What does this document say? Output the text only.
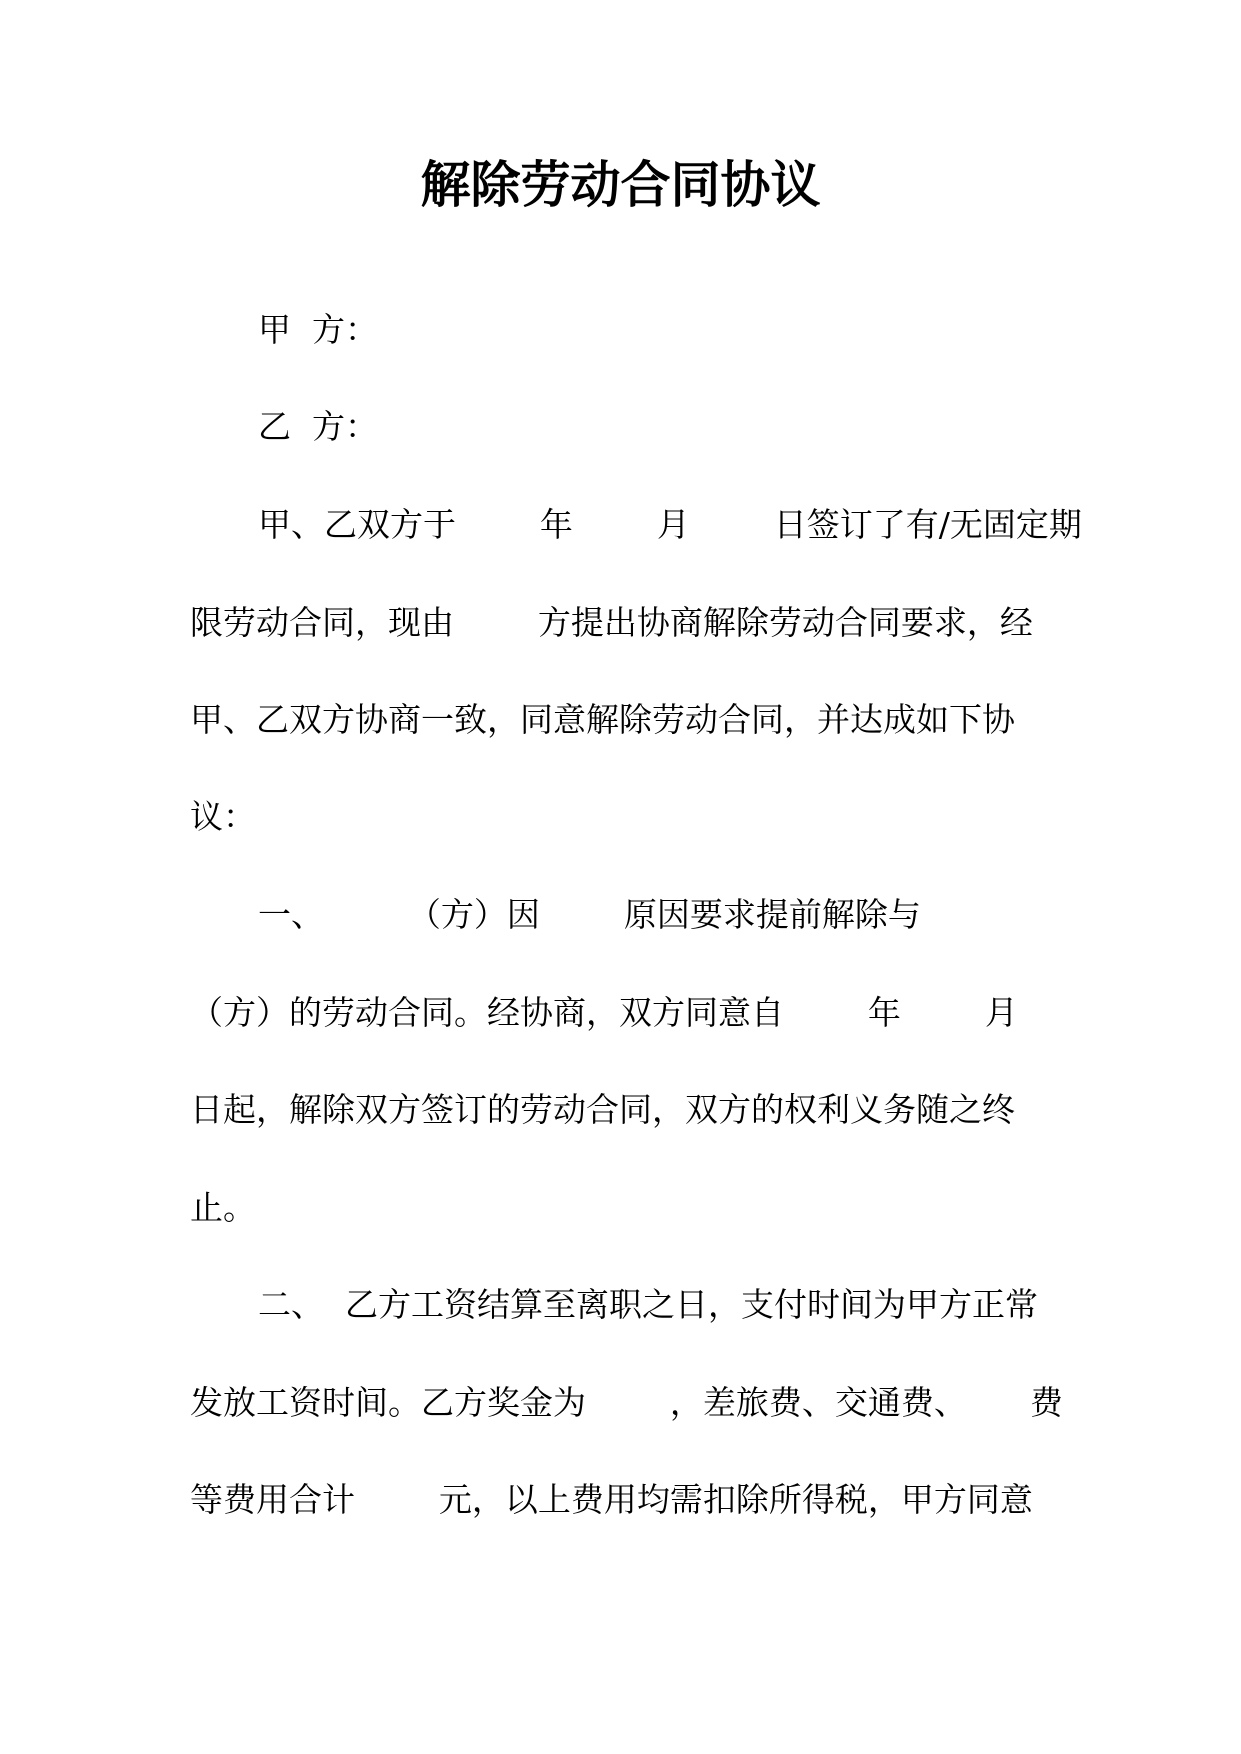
解除劳动合同协议
甲  方：
乙  方：
甲、乙双方于        年        月        日签订了有/无固定期
限劳动合同，现由        方提出协商解除劳动合同要求，经
甲、乙双方协商一致，同意解除劳动合同，并达成如下协
议：
一、        （方）因        原因要求提前解除与
（方）的劳动合同。经协商，双方同意自        年        月
日起，解除双方签订的劳动合同，双方的权利义务随之终
止。
二、  乙方工资结算至离职之日，支付时间为甲方正常
发放工资时间。乙方奖金为        ，差旅费、交通费、      费
等费用合计        元，以上费用均需扣除所得税，甲方同意
